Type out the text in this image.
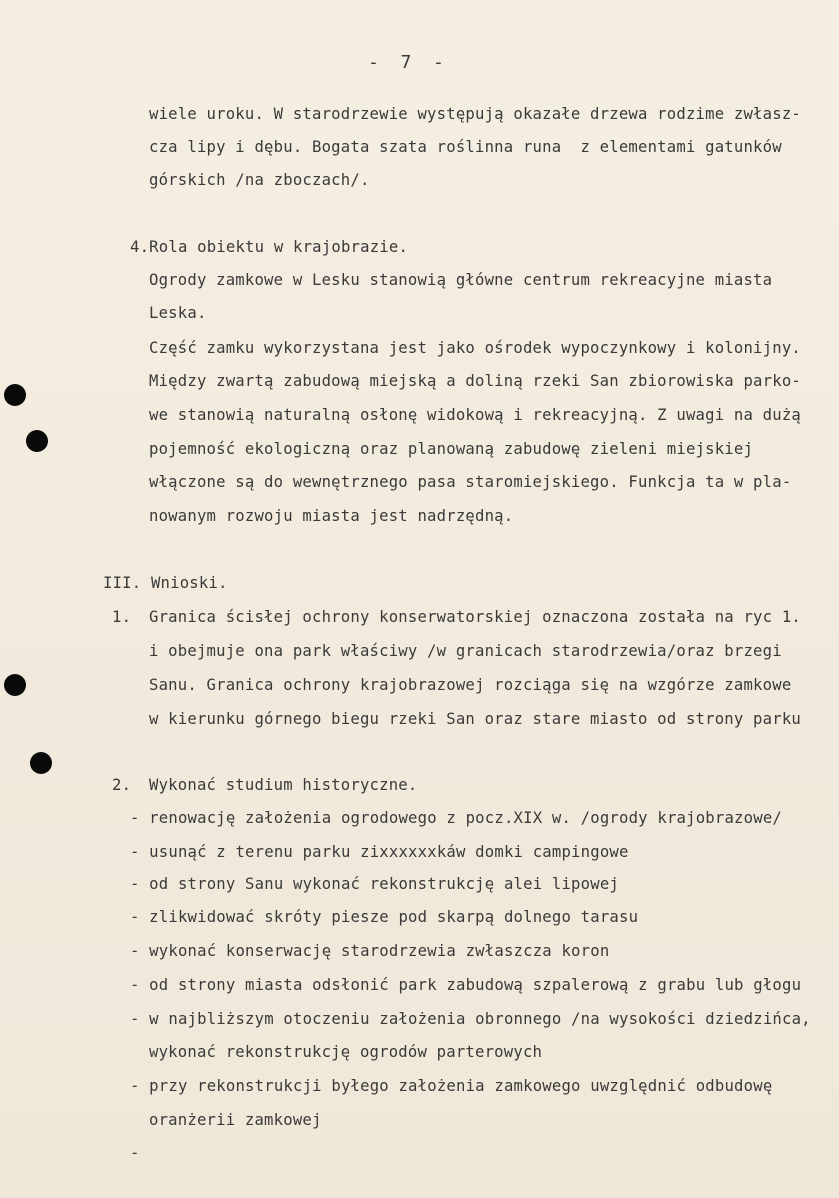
-  7  -
wiele uroku. W starodrzewie występują okazałe drzewa rodzime zwłasz-
cza lipy i dębu. Bogata szata roślinna runa  z elementami gatunków
górskich /na zboczach/.
4.Rola obiektu w krajobrazie.
Ogrody zamkowe w Lesku stanowią główne centrum rekreacyjne miasta
Leska.
Część zamku wykorzystana jest jako ośrodek wypoczynkowy i kolonijny.
Między zwartą zabudową miejską a doliną rzeki San zbiorowiska parko-
we stanowią naturalną osłonę widokową i rekreacyjną. Z uwagi na dużą
pojemność ekologiczną oraz planowaną zabudowę zieleni miejskiej
włączone są do wewnętrznego pasa staromiejskiego. Funkcja ta w pla-
nowanym rozwoju miasta jest nadrzędną.
III. Wnioski.
1. Granica ścisłej ochrony konserwatorskiej oznaczona została na ryc 1.
i obejmuje ona park właściwy /w granicach starodrzewia/oraz brzegi
Sanu. Granica ochrony krajobrazowej rozciąga się na wzgórze zamkowe
w kierunku górnego biegu rzeki San oraz stare miasto od strony parku
2. Wykonać studium historyczne.
- renowację założenia ogrodowego z pocz.XIX w. /ogrody krajobrazowe/
- usunąć z terenu parku zixxxxxxkáw domki campingowe
- od strony Sanu wykonać rekonstrukcję alei lipowej
- zlikwidować skróty piesze pod skarpą dolnego tarasu
- wykonać konserwację starodrzewia zwłaszcza koron
- od strony miasta odsłonić park zabudową szpalerową z grabu lub głogu
- w najbliższym otoczeniu założenia obronnego /na wysokości dziedzińca,
wykonać rekonstrukcję ogrodów parterowych
- przy rekonstrukcji byłego założenia zamkowego uwzględnić odbudowę
oranżerii zamkowej
-
